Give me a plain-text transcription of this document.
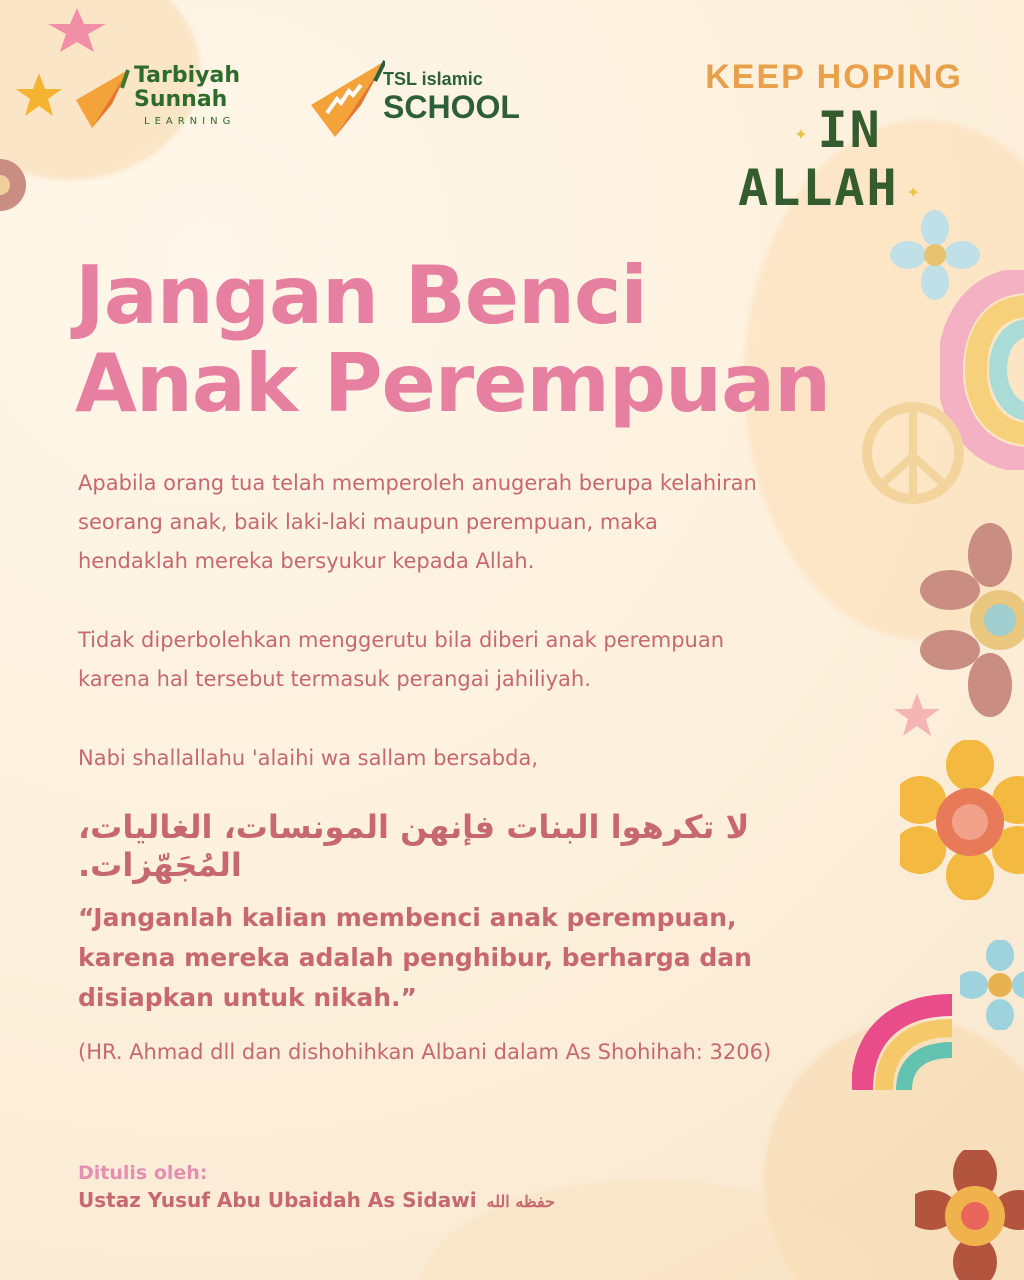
Tarbiyah
Sunnah
LEARNING
TSL islamic
SCHOOL
KEEP HOPING
✦ IN ALLAH ✦
Jangan Benci
Anak Perempuan

Apabila orang tua telah memperoleh anugerah berupa kelahiran seorang anak, baik laki-laki maupun perempuan, maka hendaklah mereka bersyukur kepada Allah.

Tidak diperbolehkan menggerutu bila diberi anak perempuan karena hal tersebut termasuk perangai jahiliyah.

Nabi shallallahu 'alaihi wa sallam bersabda,

لا تكرهوا البنات فإنهن المونسات، الغاليات، المُجَهّزات.
“Janganlah kalian membenci anak perempuan, karena mereka adalah penghibur, berharga dan disiapkan untuk nikah.”
(HR. Ahmad dll dan dishohihkan Albani dalam As Shohihah: 3206)
Ditulis oleh:
Ustaz Yusuf Abu Ubaidah As Sidawi حفظه الله
